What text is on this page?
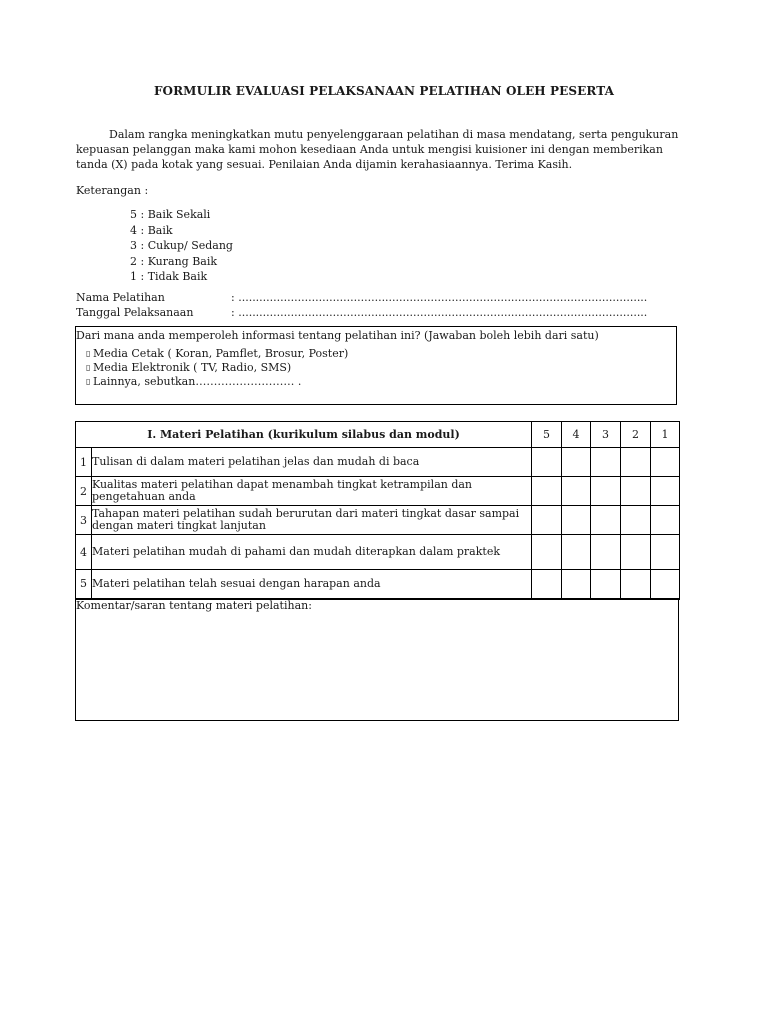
FORMULIR EVALUASI PELAKSANAAN PELATIHAN OLEH PESERTA
Dalam rangka meningkatkan mutu penyelenggaraan pelatihan di masa mendatang, serta pengukuran kepuasan pelanggan maka kami mohon kesediaan Anda untuk mengisi kuisioner ini dengan memberikan tanda (X) pada kotak yang sesuai. Penilaian Anda dijamin kerahasiaannya. Terima Kasih.
Keterangan :
5 : Baik Sekali
4 : Baik
3 : Cukup/ Sedang
2 : Kurang Baik
1 : Tidak Baik
Nama Pelatihan	: .....................................................................................................................
Tanggal Pelaksanaan	: .....................................................................................................................
Dari mana anda memperoleh informasi tentang pelatihan ini? (Jawaban boleh lebih dari satu)
▯ Media Cetak ( Koran, Pamflet, Brosur, Poster)
▯ Media Elektronik ( TV, Radio, SMS)
▯ Lainnya, sebutkan……………………… .
I. Materi Pelatihan (kurikulum silabus dan modul)		5	4	3	2	1
1	Tulisan di dalam materi pelatihan jelas dan mudah di baca					
2	Kualitas materi pelatihan dapat menambah tingkat ketrampilan dan pengetahuan anda					
3	Tahapan materi pelatihan sudah berurutan dari materi tingkat dasar sampai dengan materi tingkat lanjutan					
4	Materi pelatihan mudah di pahami dan mudah diterapkan dalam praktek					
5	Materi pelatihan telah sesuai dengan harapan anda					
Komentar/saran tentang materi pelatihan:
